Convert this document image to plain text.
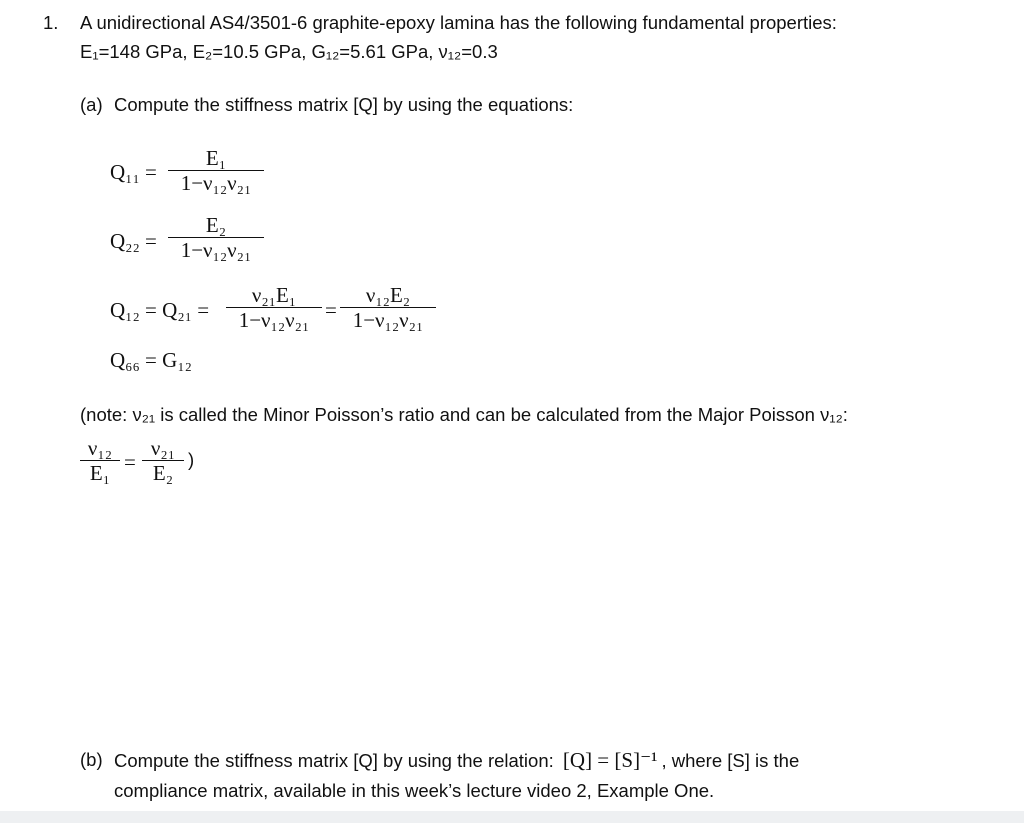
1. A unidirectional AS4/3501-6 graphite-epoxy lamina has the following fundamental properties:
E₁=148 GPa, E₂=10.5 GPa, G₁₂=5.61 GPa, ν₁₂=0.3
(a) Compute the stiffness matrix [Q] by using the equations:
Q₁₁ =
E₁
1−ν₁₂ν₂₁
Q₂₂ =
E₂
1−ν₁₂ν₂₁
Q₁₂ = Q₂₁ =
ν₂₁E₁
1−ν₁₂ν₂₁ =
ν₁₂E₂
1−ν₁₂ν₂₁
Q₆₆ = G₁₂
(note: ν₂₁ is called the Minor Poisson’s ratio and can be calculated from the Major Poisson ν₁₂:
ν₁₂
E₁ =
ν₂₁
E₂
)
(b) Compute the stiffness matrix [Q] by using the relation: [Q] = [S]⁻¹ , where [S] is the
compliance matrix, available in this week’s lecture video 2, Example One.
